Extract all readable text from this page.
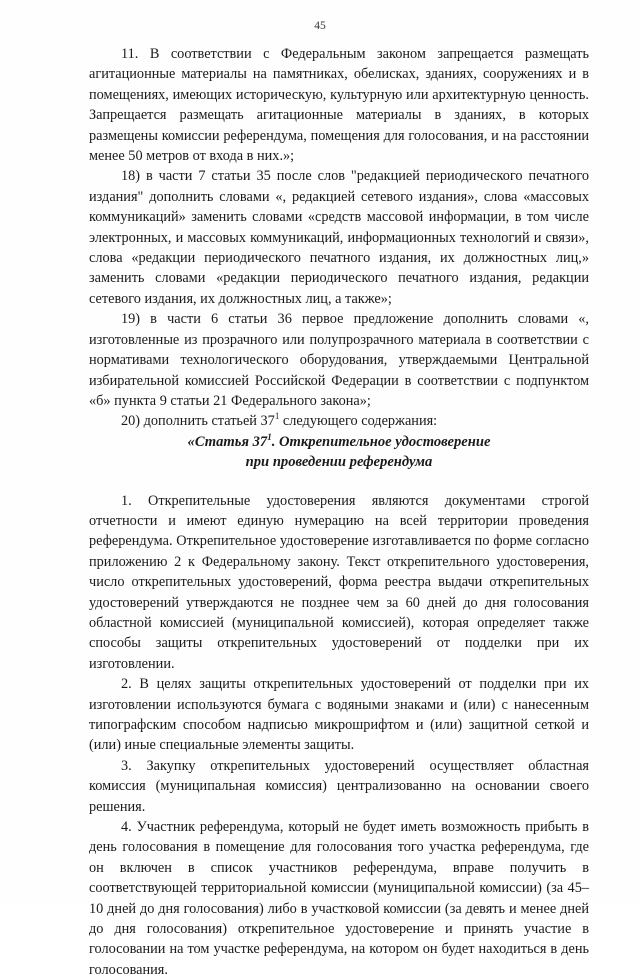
45

11. В соответствии с Федеральным законом запрещается размещать агитационные материалы на памятниках, обелисках, зданиях, сооружениях и в помещениях, имеющих историческую, культурную или архитектурную ценность. Запрещается размещать агитационные материалы в зданиях, в которых размещены комиссии референдума, помещения для голосования, и на расстоянии менее 50 метров от входа в них.»;

18) в части 7 статьи 35 после слов "редакцией периодического печатного издания" дополнить словами «, редакцией сетевого издания», слова «массовых коммуникаций» заменить словами «средств массовой информации, в том числе электронных, и массовых коммуникаций, информационных технологий и связи», слова «редакции периодического печатного издания, их должностных лиц,» заменить словами «редакции периодического печатного издания, редакции сетевого издания, их должностных лиц, а также»;

19) в части 6 статьи 36 первое предложение дополнить словами «, изготовленные из прозрачного или полупрозрачного материала в соответствии с нормативами технологического оборудования, утверждаемыми Центральной избирательной комиссией Российской Федерации в соответствии с подпунктом «б» пункта 9 статьи 21 Федерального закона»;

20) дополнить статьей $37^1$ следующего содержания:

«Статья $37^1$. Открепительное удостоверение

при проведении референдума

1. Открепительные удостоверения являются документами строгой отчетности и имеют единую нумерацию на всей территории проведения референдума. Открепительное удостоверение изготавливается по форме согласно приложению 2 к Федеральному закону. Текст открепительного удостоверения, число открепительных удостоверений, форма реестра выдачи открепительных удостоверений утверждаются не позднее чем за 60 дней до дня голосования областной комиссией (муниципальной комиссией), которая определяет также способы защиты открепительных удостоверений от подделки при их изготовлении.

2. В целях защиты открепительных удостоверений от подделки при их изготовлении используются бумага с водяными знаками и (или) с нанесенным типографским способом надписью микрошрифтом и (или) защитной сеткой и (или) иные специальные элементы защиты.

3. Закупку открепительных удостоверений осуществляет областная комиссия (муниципальная комиссия) централизованно на основании своего решения.

4. Участник референдума, который не будет иметь возможность прибыть в день голосования в помещение для голосования того участка референдума, где он включен в список участников референдума, вправе получить в соответствующей территориальной комиссии (муниципальной комиссии) (за 45–10 дней до дня голосования) либо в участковой комиссии (за девять и менее дней до дня голосования) открепительное удостоверение и принять участие в голосовании на том участке референдума, на котором он будет находиться в день голосования.
